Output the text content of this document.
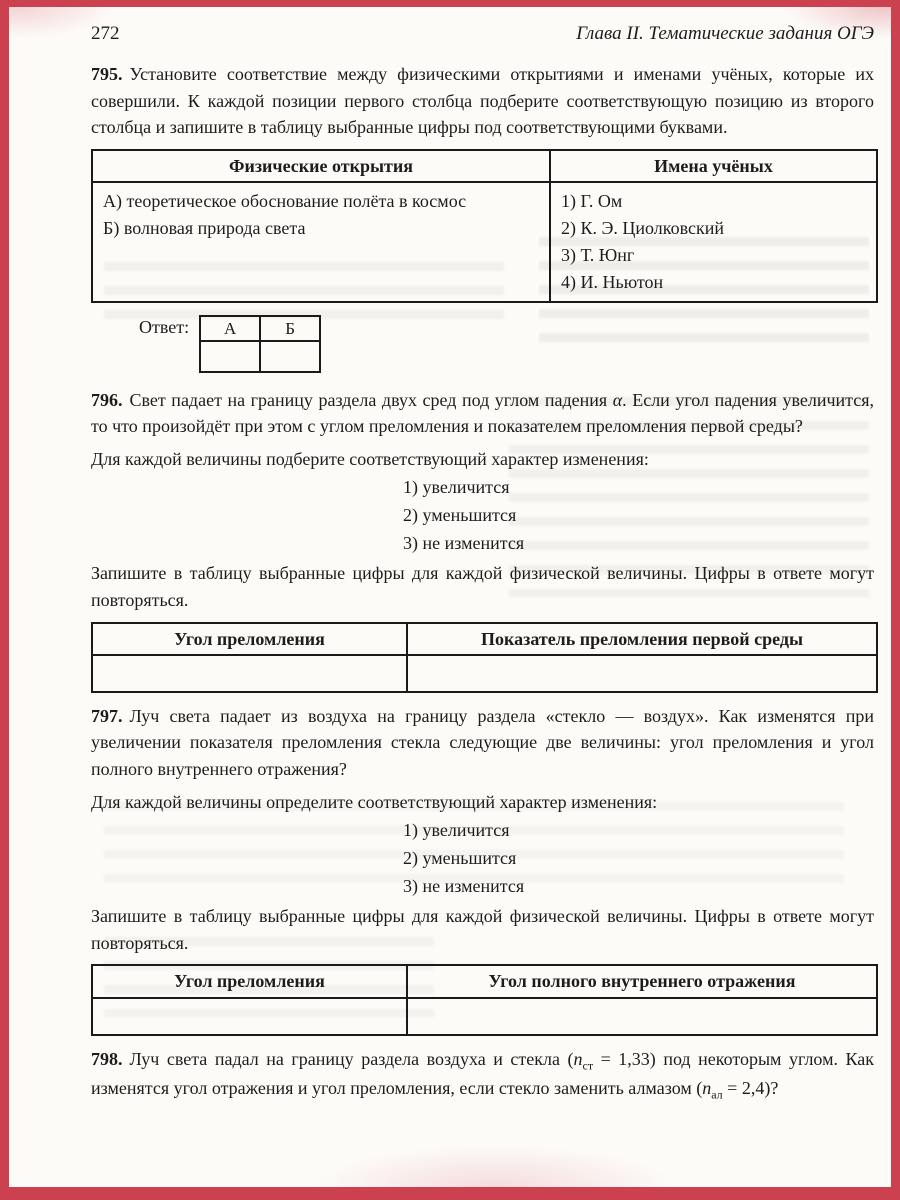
272	Глава II. Тематические задания ОГЭ

795. Установите соответствие между физическими открытиями и именами учёных, которые их совершили. К каждой позиции первого столбца подберите соответствующую позицию из второго столбца и запишите в таблицу выбранные цифры под соответствующими буквами.

Физические открытия	Имена учёных

А) теоретическое обоснование полёта в космос
Б) волновая природа света

1) Г. Ом
2) К. Э. Циолковский
3) Т. Юнг
4) И. Ньютон
Ответ: А	Б

796. Свет падает на границу раздела двух сред под углом падения α. Если угол падения увеличится, то что произойдёт при этом с углом преломления и показателем преломления первой среды?

Для каждой величины подберите соответствующий характер изменения:
1) увеличится
2) уменьшится
3) не изменится

Запишите в таблицу выбранные цифры для каждой физической величины. Цифры в ответе могут повторяться.

Угол преломления	Показатель преломления первой среды

797. Луч света падает из воздуха на границу раздела «стекло — воздух». Как изменятся при увеличении показателя преломления стекла следующие две величины: угол преломления и угол полного внутреннего отражения?

Для каждой величины определите соответствующий характер изменения:
1) увеличится
2) уменьшится
3) не изменится

Запишите в таблицу выбранные цифры для каждой физической величины. Цифры в ответе могут повторяться.

Угол преломления	Угол полного внутреннего отражения

798. Луч света падал на границу раздела воздуха и стекла $(n_{ст} = 1,33)$ под некоторым углом. Как изменятся угол отражения и угол преломления, если стекло заменить алмазом $(n_{ал} = 2,4)$?
